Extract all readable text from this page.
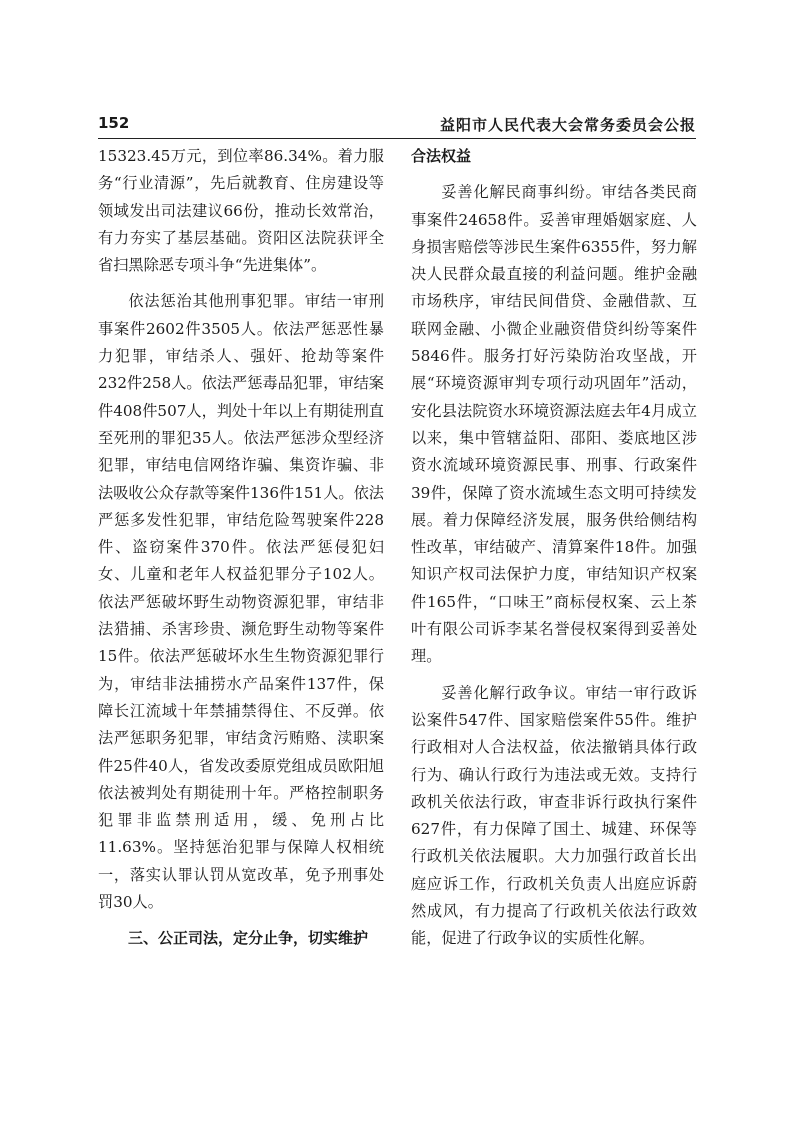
152	益阳市人民代表大会常务委员会公报

15323.45万元，到位率86.34%。着力服务“行业清源”，先后就教育、住房建设等领域发出司法建议66份，推动长效常治，有力夯实了基层基础。资阳区法院获评全省扫黑除恶专项斗争“先进集体”。

依法惩治其他刑事犯罪。审结一审刑事案件2602件3505人。依法严惩恶性暴力犯罪，审结杀人、强奸、抢劫等案件232件258人。依法严惩毒品犯罪，审结案件408件507人，判处十年以上有期徒刑直至死刑的罪犯35人。依法严惩涉众型经济犯罪，审结电信网络诈骗、集资诈骗、非法吸收公众存款等案件136件151人。依法严惩多发性犯罪，审结危险驾驶案件228件、盗窃案件370件。依法严惩侵犯妇女、儿童和老年人权益犯罪分子102人。依法严惩破坏野生动物资源犯罪，审结非法猎捕、杀害珍贵、濒危野生动物等案件15件。依法严惩破坏水生生物资源犯罪行为，审结非法捕捞水产品案件137件，保障长江流域十年禁捕禁得住、不反弹。依法严惩职务犯罪，审结贪污贿赂、渎职案件25件40人，省发改委原党组成员欧阳旭依法被判处有期徒刑十年。严格控制职务犯罪非监禁刑适用，缓、免刑占比11.63%。坚持惩治犯罪与保障人权相统一，落实认罪认罚从宽改革，免予刑事处罚30人。

三、公正司法，定分止争，切实维护

合法权益

妥善化解民商事纠纷。审结各类民商事案件24658件。妥善审理婚姻家庭、人身损害赔偿等涉民生案件6355件，努力解决人民群众最直接的利益问题。维护金融市场秩序，审结民间借贷、金融借款、互联网金融、小微企业融资借贷纠纷等案件5846件。服务打好污染防治攻坚战，开展“环境资源审判专项行动巩固年”活动，安化县法院资水环境资源法庭去年4月成立以来，集中管辖益阳、邵阳、娄底地区涉资水流域环境资源民事、刑事、行政案件39件，保障了资水流域生态文明可持续发展。着力保障经济发展，服务供给侧结构性改革，审结破产、清算案件18件。加强知识产权司法保护力度，审结知识产权案件165件，“口味王”商标侵权案、云上茶叶有限公司诉李某名誉侵权案得到妥善处理。

妥善化解行政争议。审结一审行政诉讼案件547件、国家赔偿案件55件。维护行政相对人合法权益，依法撤销具体行政行为、确认行政行为违法或无效。支持行政机关依法行政，审查非诉行政执行案件627件，有力保障了国土、城建、环保等行政机关依法履职。大力加强行政首长出庭应诉工作，行政机关负责人出庭应诉蔚然成风，有力提高了行政机关依法行政效能，促进了行政争议的实质性化解。
